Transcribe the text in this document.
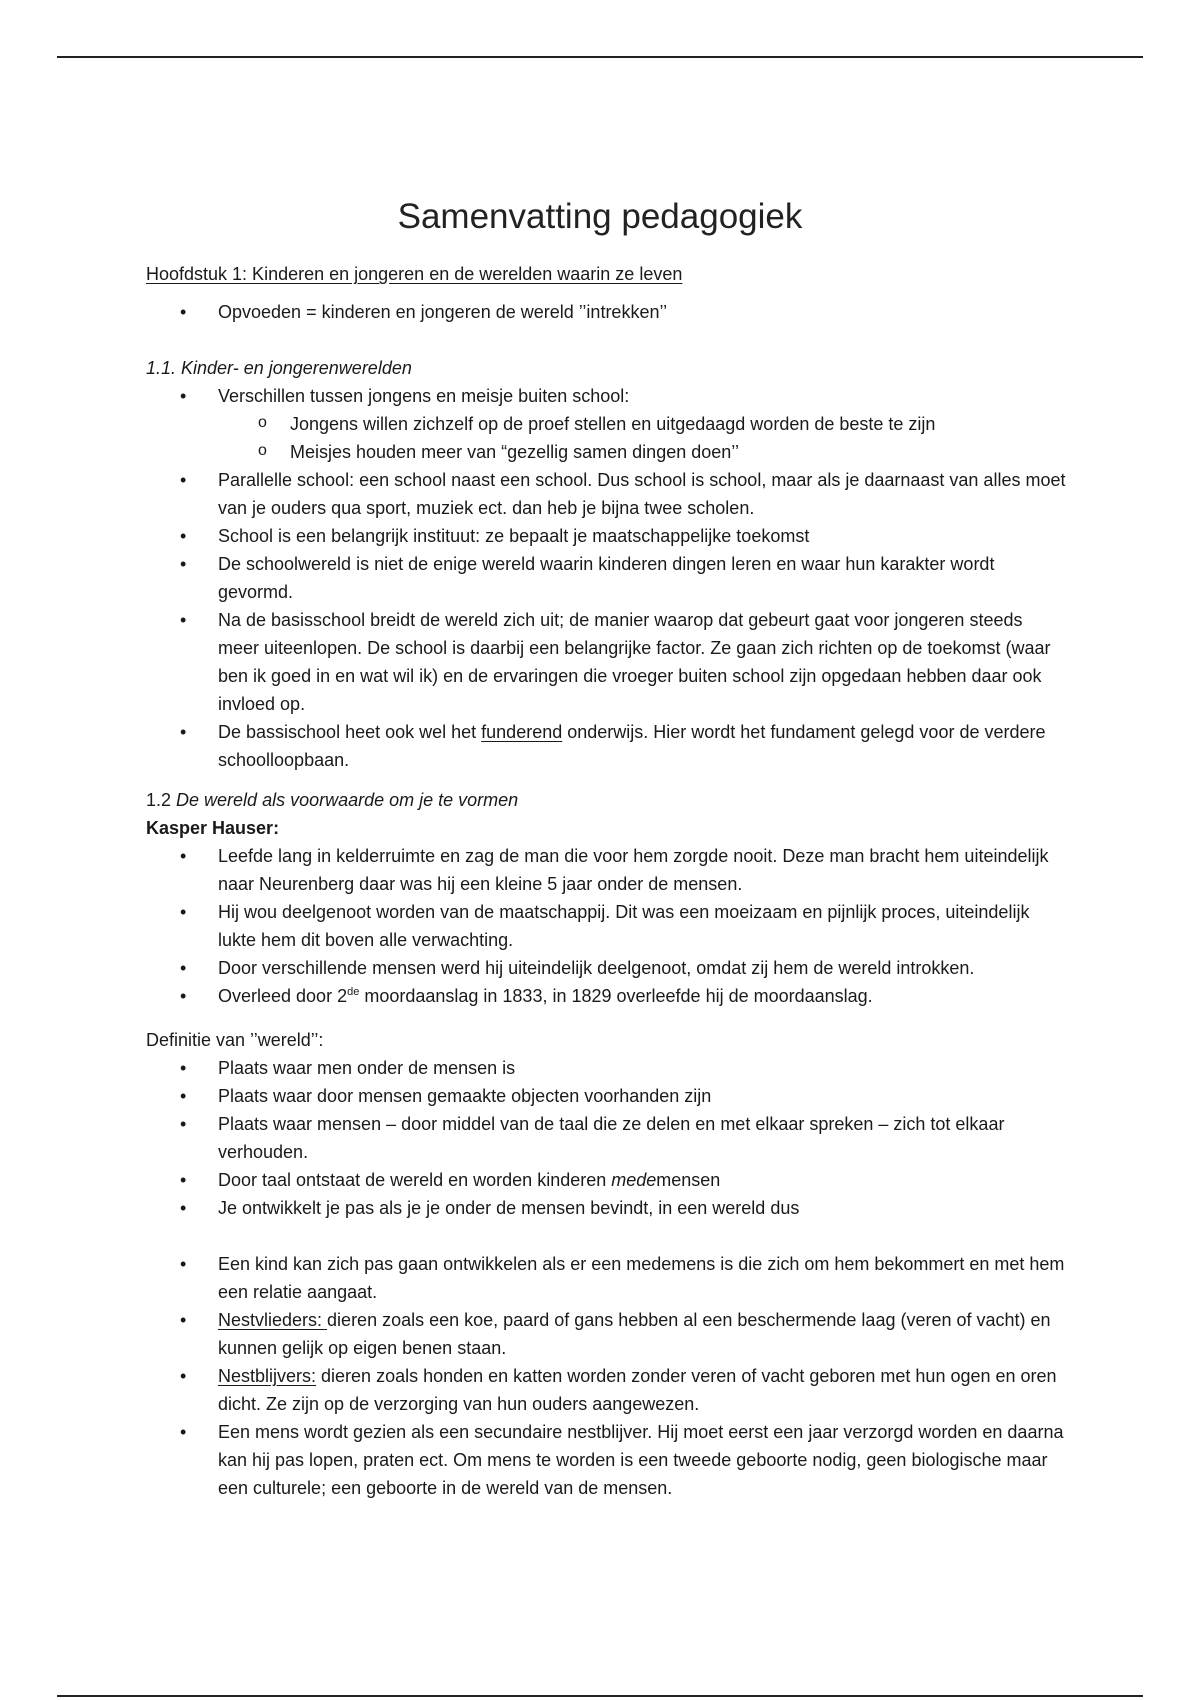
Samenvatting pedagogiek

Hoofdstuk 1: Kinderen en jongeren en de werelden waarin ze leven

• Opvoeden = kinderen en jongeren de wereld ’’intrekken’’

1.1. Kinder- en jongerenwerelden

• Verschillen tussen jongens en meisje buiten school:
o Jongens willen zichzelf op de proef stellen en uitgedaagd worden de beste te zijn
o Meisjes houden meer van “gezellig samen dingen doen’’
• Parallelle school: een school naast een school. Dus school is school, maar als je daarnaast van alles moet van je ouders qua sport, muziek ect. dan heb je bijna twee scholen.
• School is een belangrijk instituut: ze bepaalt je maatschappelijke toekomst
• De schoolwereld is niet de enige wereld waarin kinderen dingen leren en waar hun karakter wordt gevormd.
• Na de basisschool breidt de wereld zich uit; de manier waarop dat gebeurt gaat voor jongeren steeds meer uiteenlopen. De school is daarbij een belangrijke factor. Ze gaan zich richten op de toekomst (waar ben ik goed in en wat wil ik) en de ervaringen die vroeger buiten school zijn opgedaan hebben daar ook invloed op.
• De bassischool heet ook wel het funderend onderwijs. Hier wordt het fundament gelegd voor de verdere schoolloopbaan.

1.2 De wereld als voorwaarde om je te vormen

Kasper Hauser:

• Leefde lang in kelderruimte en zag de man die voor hem zorgde nooit. Deze man bracht hem uiteindelijk naar Neurenberg daar was hij een kleine 5 jaar onder de mensen.
• Hij wou deelgenoot worden van de maatschappij. Dit was een moeizaam en pijnlijk proces, uiteindelijk lukte hem dit boven alle verwachting.
• Door verschillende mensen werd hij uiteindelijk deelgenoot, omdat zij hem de wereld introkken.
• Overleed door 2de moordaanslag in 1833, in 1829 overleefde hij de moordaanslag.

Definitie van ’’wereld’’:

• Plaats waar men onder de mensen is
• Plaats waar door mensen gemaakte objecten voorhanden zijn
• Plaats waar mensen – door middel van de taal die ze delen en met elkaar spreken – zich tot elkaar verhouden.
• Door taal ontstaat de wereld en worden kinderen medemensen
• Je ontwikkelt je pas als je je onder de mensen bevindt, in een wereld dus
• Een kind kan zich pas gaan ontwikkelen als er een medemens is die zich om hem bekommert en met hem een relatie aangaat.
• Nestvlieders: dieren zoals een koe, paard of gans hebben al een beschermende laag (veren of vacht) en kunnen gelijk op eigen benen staan.
• Nestblijvers: dieren zoals honden en katten worden zonder veren of vacht geboren met hun ogen en oren dicht. Ze zijn op de verzorging van hun ouders aangewezen.
• Een mens wordt gezien als een secundaire nestblijver. Hij moet eerst een jaar verzorgd worden en daarna kan hij pas lopen, praten ect. Om mens te worden is een tweede geboorte nodig, geen biologische maar een culturele; een geboorte in de wereld van de mensen.
